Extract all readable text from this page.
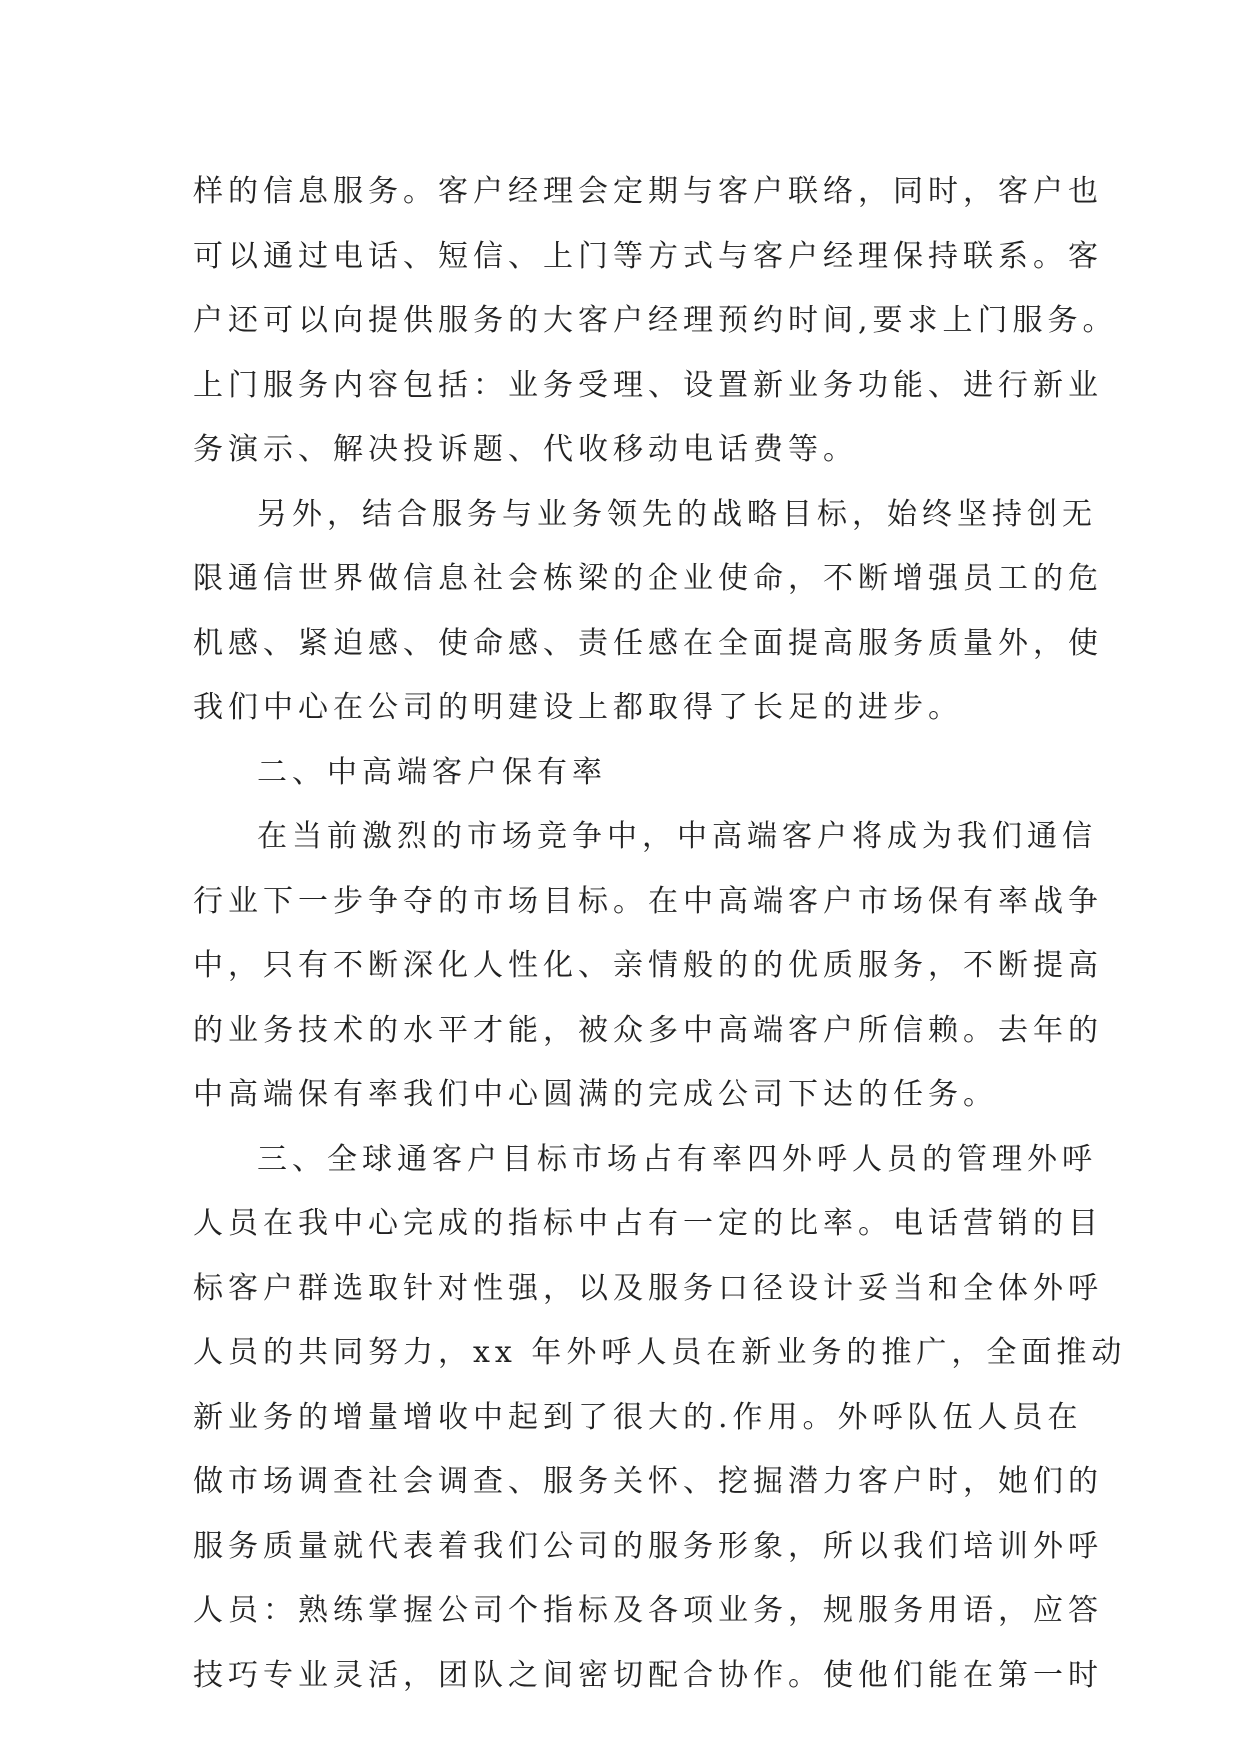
样的信息服务。客户经理会定期与客户联络，同时，客户也
可以通过电话、短信、上门等方式与客户经理保持联系。客
户还可以向提供服务的大客户经理预约时间,要求上门服务。
上门服务内容包括：业务受理、设置新业务功能、进行新业
务演示、解决投诉题、代收移动电话费等。
另外，结合服务与业务领先的战略目标，始终坚持创无
限通信世界做信息社会栋梁的企业使命，不断增强员工的危
机感、紧迫感、使命感、责任感在全面提高服务质量外，使
我们中心在公司的明建设上都取得了长足的进步。
二、中高端客户保有率
在当前激烈的市场竞争中，中高端客户将成为我们通信
行业下一步争夺的市场目标。在中高端客户市场保有率战争
中，只有不断深化人性化、亲情般的的优质服务，不断提高
的业务技术的水平才能，被众多中高端客户所信赖。去年的
中高端保有率我们中心圆满的完成公司下达的任务。
三、全球通客户目标市场占有率四外呼人员的管理外呼
人员在我中心完成的指标中占有一定的比率。电话营销的目
标客户群选取针对性强，以及服务口径设计妥当和全体外呼
人员的共同努力，xx 年外呼人员在新业务的推广，全面推动
新业务的增量增收中起到了很大的.作用。外呼队伍人员在
做市场调查社会调查、服务关怀、挖掘潜力客户时，她们的
服务质量就代表着我们公司的服务形象，所以我们培训外呼
人员：熟练掌握公司个指标及各项业务，规服务用语，应答
技巧专业灵活，团队之间密切配合协作。使他们能在第一时
